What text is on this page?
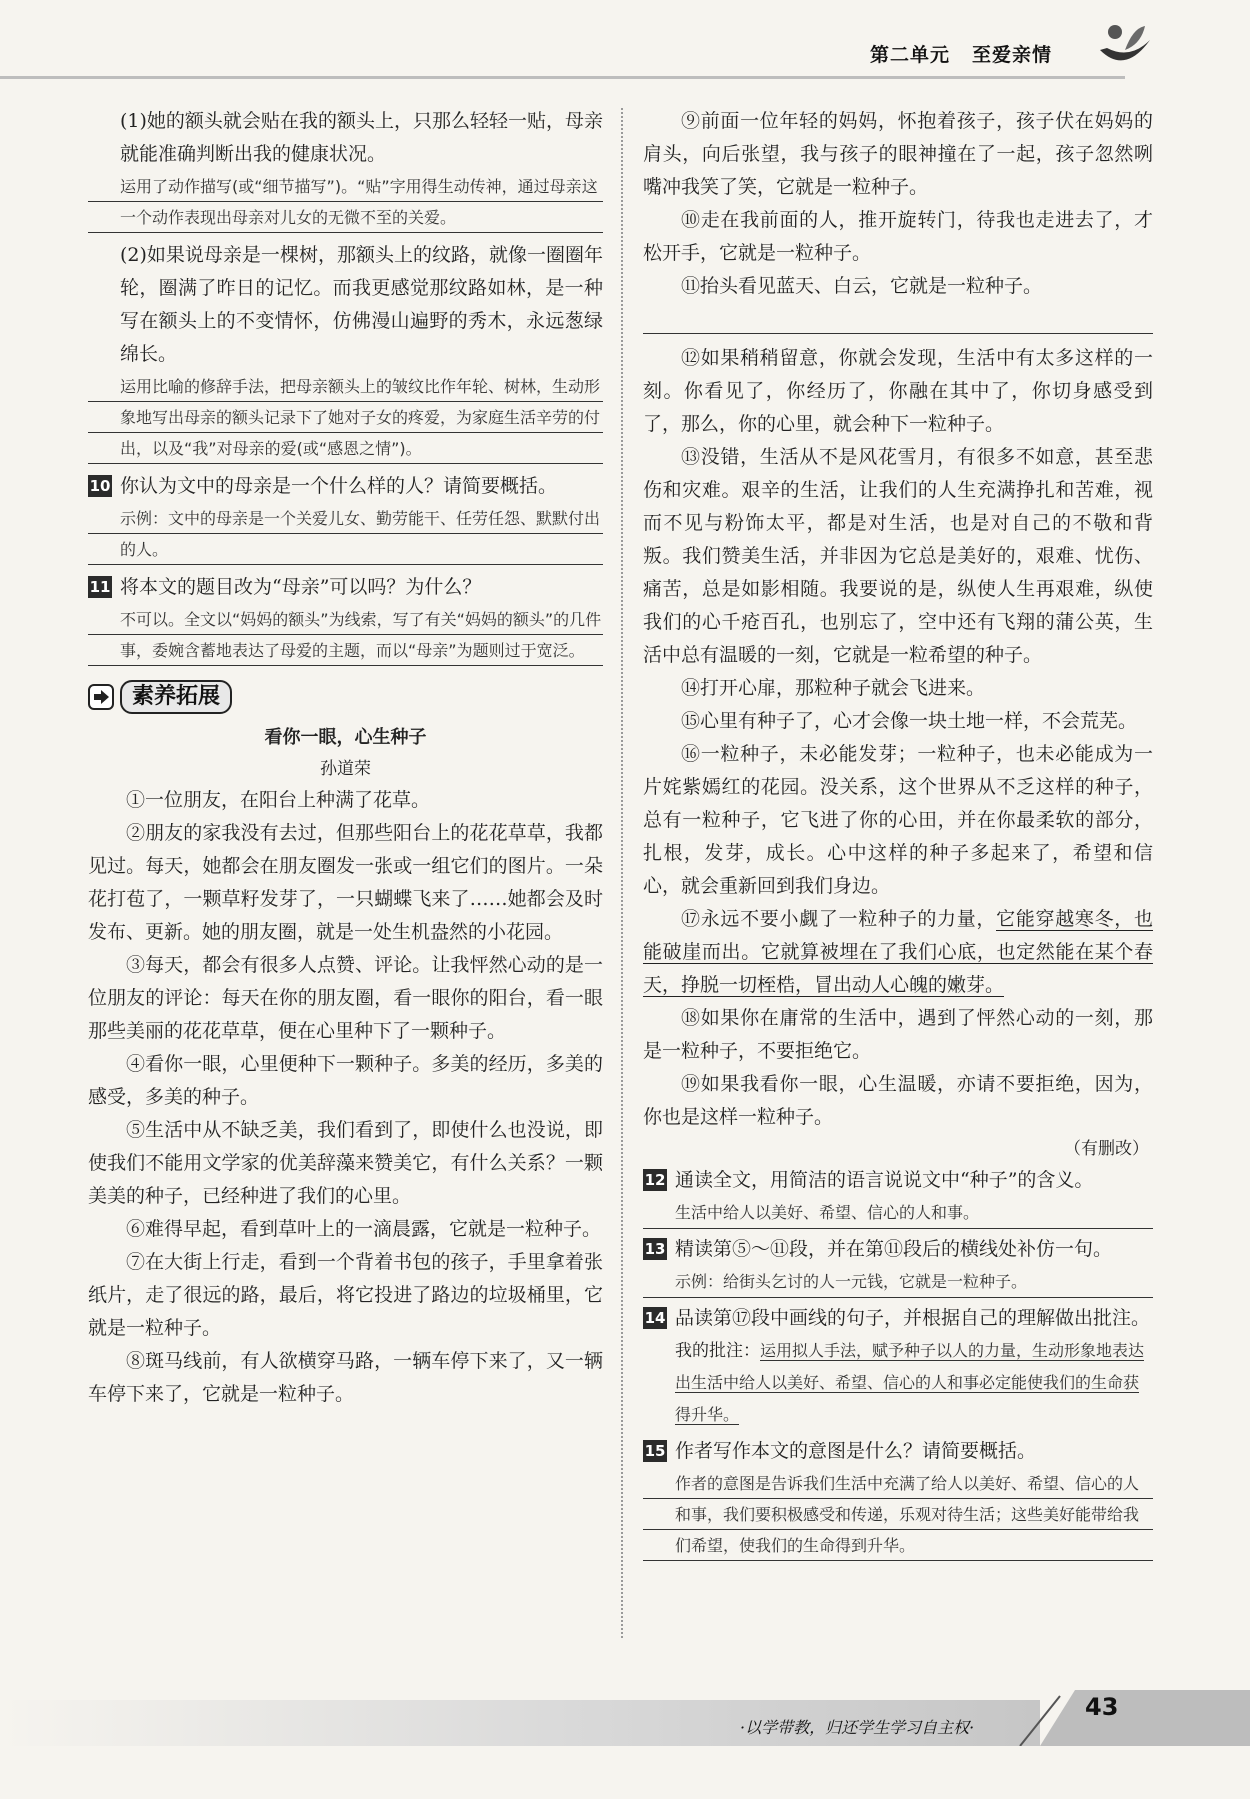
第二单元 至爱亲情

(1)她的额头就会贴在我的额头上，只那么轻轻一贴，母亲就能准确判断出我的健康状况。

运用了动作描写(或“细节描写”)。“贴”字用得生动传神，通过母亲这一个动作表现出母亲对儿女的无微不至的关爱。

(2)如果说母亲是一棵树，那额头上的纹路，就像一圈圈年轮，圈满了昨日的记忆。而我更感觉那纹路如林，是一种写在额头上的不变情怀，仿佛漫山遍野的秀木，永远葱绿绵长。

运用比喻的修辞手法，把母亲额头上的皱纹比作年轮、树林，生动形象地写出母亲的额头记录下了她对子女的疼爱，为家庭生活辛劳的付出，以及“我”对母亲的爱(或“感恩之情”)。
10 你认为文中的母亲是一个什么样的人？请简要概括。
示例：文中的母亲是一个关爱儿女、勤劳能干、任劳任怨、默默付出的人。
11 将本文的题目改为“母亲”可以吗？为什么？
不可以。全文以“妈妈的额头”为线索，写了有关“妈妈的额头”的几件事，委婉含蓄地表达了母爱的主题，而以“母亲”为题则过于宽泛。
素养拓展
看你一眼，心生种子
孙道荣

①一位朋友，在阳台上种满了花草。

②朋友的家我没有去过，但那些阳台上的花花草草，我都见过。每天，她都会在朋友圈发一张或一组它们的图片。一朵花打苞了，一颗草籽发芽了，一只蝴蝶飞来了……她都会及时发布、更新。她的朋友圈，就是一处生机盎然的小花园。

③每天，都会有很多人点赞、评论。让我怦然心动的是一位朋友的评论：每天在你的朋友圈，看一眼你的阳台，看一眼那些美丽的花花草草，便在心里种下了一颗种子。

④看你一眼，心里便种下一颗种子。多美的经历，多美的感受，多美的种子。

⑤生活中从不缺乏美，我们看到了，即使什么也没说，即使我们不能用文学家的优美辞藻来赞美它，有什么关系？一颗美美的种子，已经种进了我们的心里。

⑥难得早起，看到草叶上的一滴晨露，它就是一粒种子。

⑦在大街上行走，看到一个背着书包的孩子，手里拿着张纸片，走了很远的路，最后，将它投进了路边的垃圾桶里，它就是一粒种子。

⑧斑马线前，有人欲横穿马路，一辆车停下来了，又一辆车停下来了，它就是一粒种子。

⑨前面一位年轻的妈妈，怀抱着孩子，孩子伏在妈妈的肩头，向后张望，我与孩子的眼神撞在了一起，孩子忽然咧嘴冲我笑了笑，它就是一粒种子。

⑩走在我前面的人，推开旋转门，待我也走进去了，才松开手，它就是一粒种子。

⑪抬头看见蓝天、白云，它就是一粒种子。

⑫如果稍稍留意，你就会发现，生活中有太多这样的一刻。你看见了，你经历了，你融在其中了，你切身感受到了，那么，你的心里，就会种下一粒种子。

⑬没错，生活从不是风花雪月，有很多不如意，甚至悲伤和灾难。艰辛的生活，让我们的人生充满挣扎和苦难，视而不见与粉饰太平，都是对生活，也是对自己的不敬和背叛。我们赞美生活，并非因为它总是美好的，艰难、忧伤、痛苦，总是如影相随。我要说的是，纵使人生再艰难，纵使我们的心千疮百孔，也别忘了，空中还有飞翔的蒲公英，生活中总有温暖的一刻，它就是一粒希望的种子。

⑭打开心扉，那粒种子就会飞进来。

⑮心里有种子了，心才会像一块土地一样，不会荒芜。

⑯一粒种子，未必能发芽；一粒种子，也未必能成为一片姹紫嫣红的花园。没关系，这个世界从不乏这样的种子，总有一粒种子，它飞进了你的心田，并在你最柔软的部分，扎根，发芽，成长。心中这样的种子多起来了，希望和信心，就会重新回到我们身边。

⑰永远不要小觑了一粒种子的力量，它能穿越寒冬，也能破崖而出。它就算被埋在了我们心底，也定然能在某个春天，挣脱一切桎梏，冒出动人心魄的嫩芽。

⑱如果你在庸常的生活中，遇到了怦然心动的一刻，那是一粒种子，不要拒绝它。

⑲如果我看你一眼，心生温暖，亦请不要拒绝，因为，你也是这样一粒种子。

（有删改）
12 通读全文，用简洁的语言说说文中“种子”的含义。
生活中给人以美好、希望、信心的人和事。
13 精读第⑤～⑪段，并在第⑪段后的横线处补仿一句。
示例：给街头乞讨的人一元钱，它就是一粒种子。
14 品读第⑰段中画线的句子，并根据自己的理解做出批注。
我的批注：运用拟人手法，赋予种子以人的力量，生动形象地表达出生活中给人以美好、希望、信心的人和事必定能使我们的生命获得升华。
15 作者写作本文的意图是什么？请简要概括。
作者的意图是告诉我们生活中充满了给人以美好、希望、信心的人和事，我们要积极感受和传递，乐观对待生活；这些美好能带给我们希望，使我们的生命得到升华。
·以学带教，归还学生学习自主权·
43
